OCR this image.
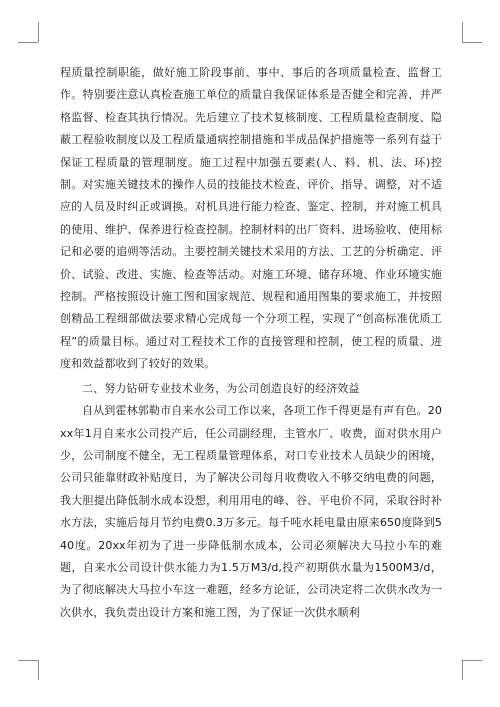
程质量控制职能，做好施工阶段事前、事中、事后的各项质量检查、监督工作。特别要注意认真检查施工单位的质量自我保证体系是否健全和完善，并严格监督、检查其执行情况。先后建立了技术复核制度、工程质量检查制度、隐蔽工程验收制度以及工程质量通病控制措施和半成品保护措施等一系列有益于保证工程质量的管理制度。施工过程中加强五要素(人、料、机、法、环)控制。对实施关键技术的操作人员的技能技术检查、评价、指导、调整，对不适应的人员及时纠正或调换。对机具进行能力检查、鉴定、控制，并对施工机具的使用、维护、保养进行检查控制。控制材料的出厂资料、进场验收、使用标记和必要的追朔等活动。主要控制关键技术采用的方法、工艺的分析确定、评价、试验、改进、实施、检查等活动。对施工环境、储存环境、作业环境实施控制。严格按照设计施工图和国家规范、规程和通用图集的要求施工，并按照创精品工程细部做法要求精心完成每一个分项工程，实现了“创高标准优质工程”的质量目标。通过对工程技术工作的直接管理和控制，使工程的质量、进度和效益都收到了较好的效果。

二、努力钻研专业技术业务，为公司创造良好的经济效益

自从到霍林郭勒市自来水公司工作以来，各项工作千得更是有声有色。20xx年1月自来水公司投产后，任公司副经理，主管水厂、收费，面对供水用户少，公司制度不健全，无工程质量管理体系，对口专业技术人员缺少的困境，公司只能靠财政补贴度日，为了解决公司每月收费收入不够交纳电费的问题，我大胆提出降低制水成本设想，利用用电的峰、谷、平电价不同，采取谷时补水方法，实施后每月节约电费0.3万多元。每千吨水耗电量由原来650度降到540度。20xx年初为了进一步降低制水成本，公司必须解决大马拉小车的难题，自来水公司设计供水能力为1.5万M3/d,投产初期供水量为1500M3/d，为了彻底解决大马拉小车这一难题，经多方论证，公司决定将二次供水改为一次供水，我负责出设计方案和施工图，为了保证一次供水顺利
